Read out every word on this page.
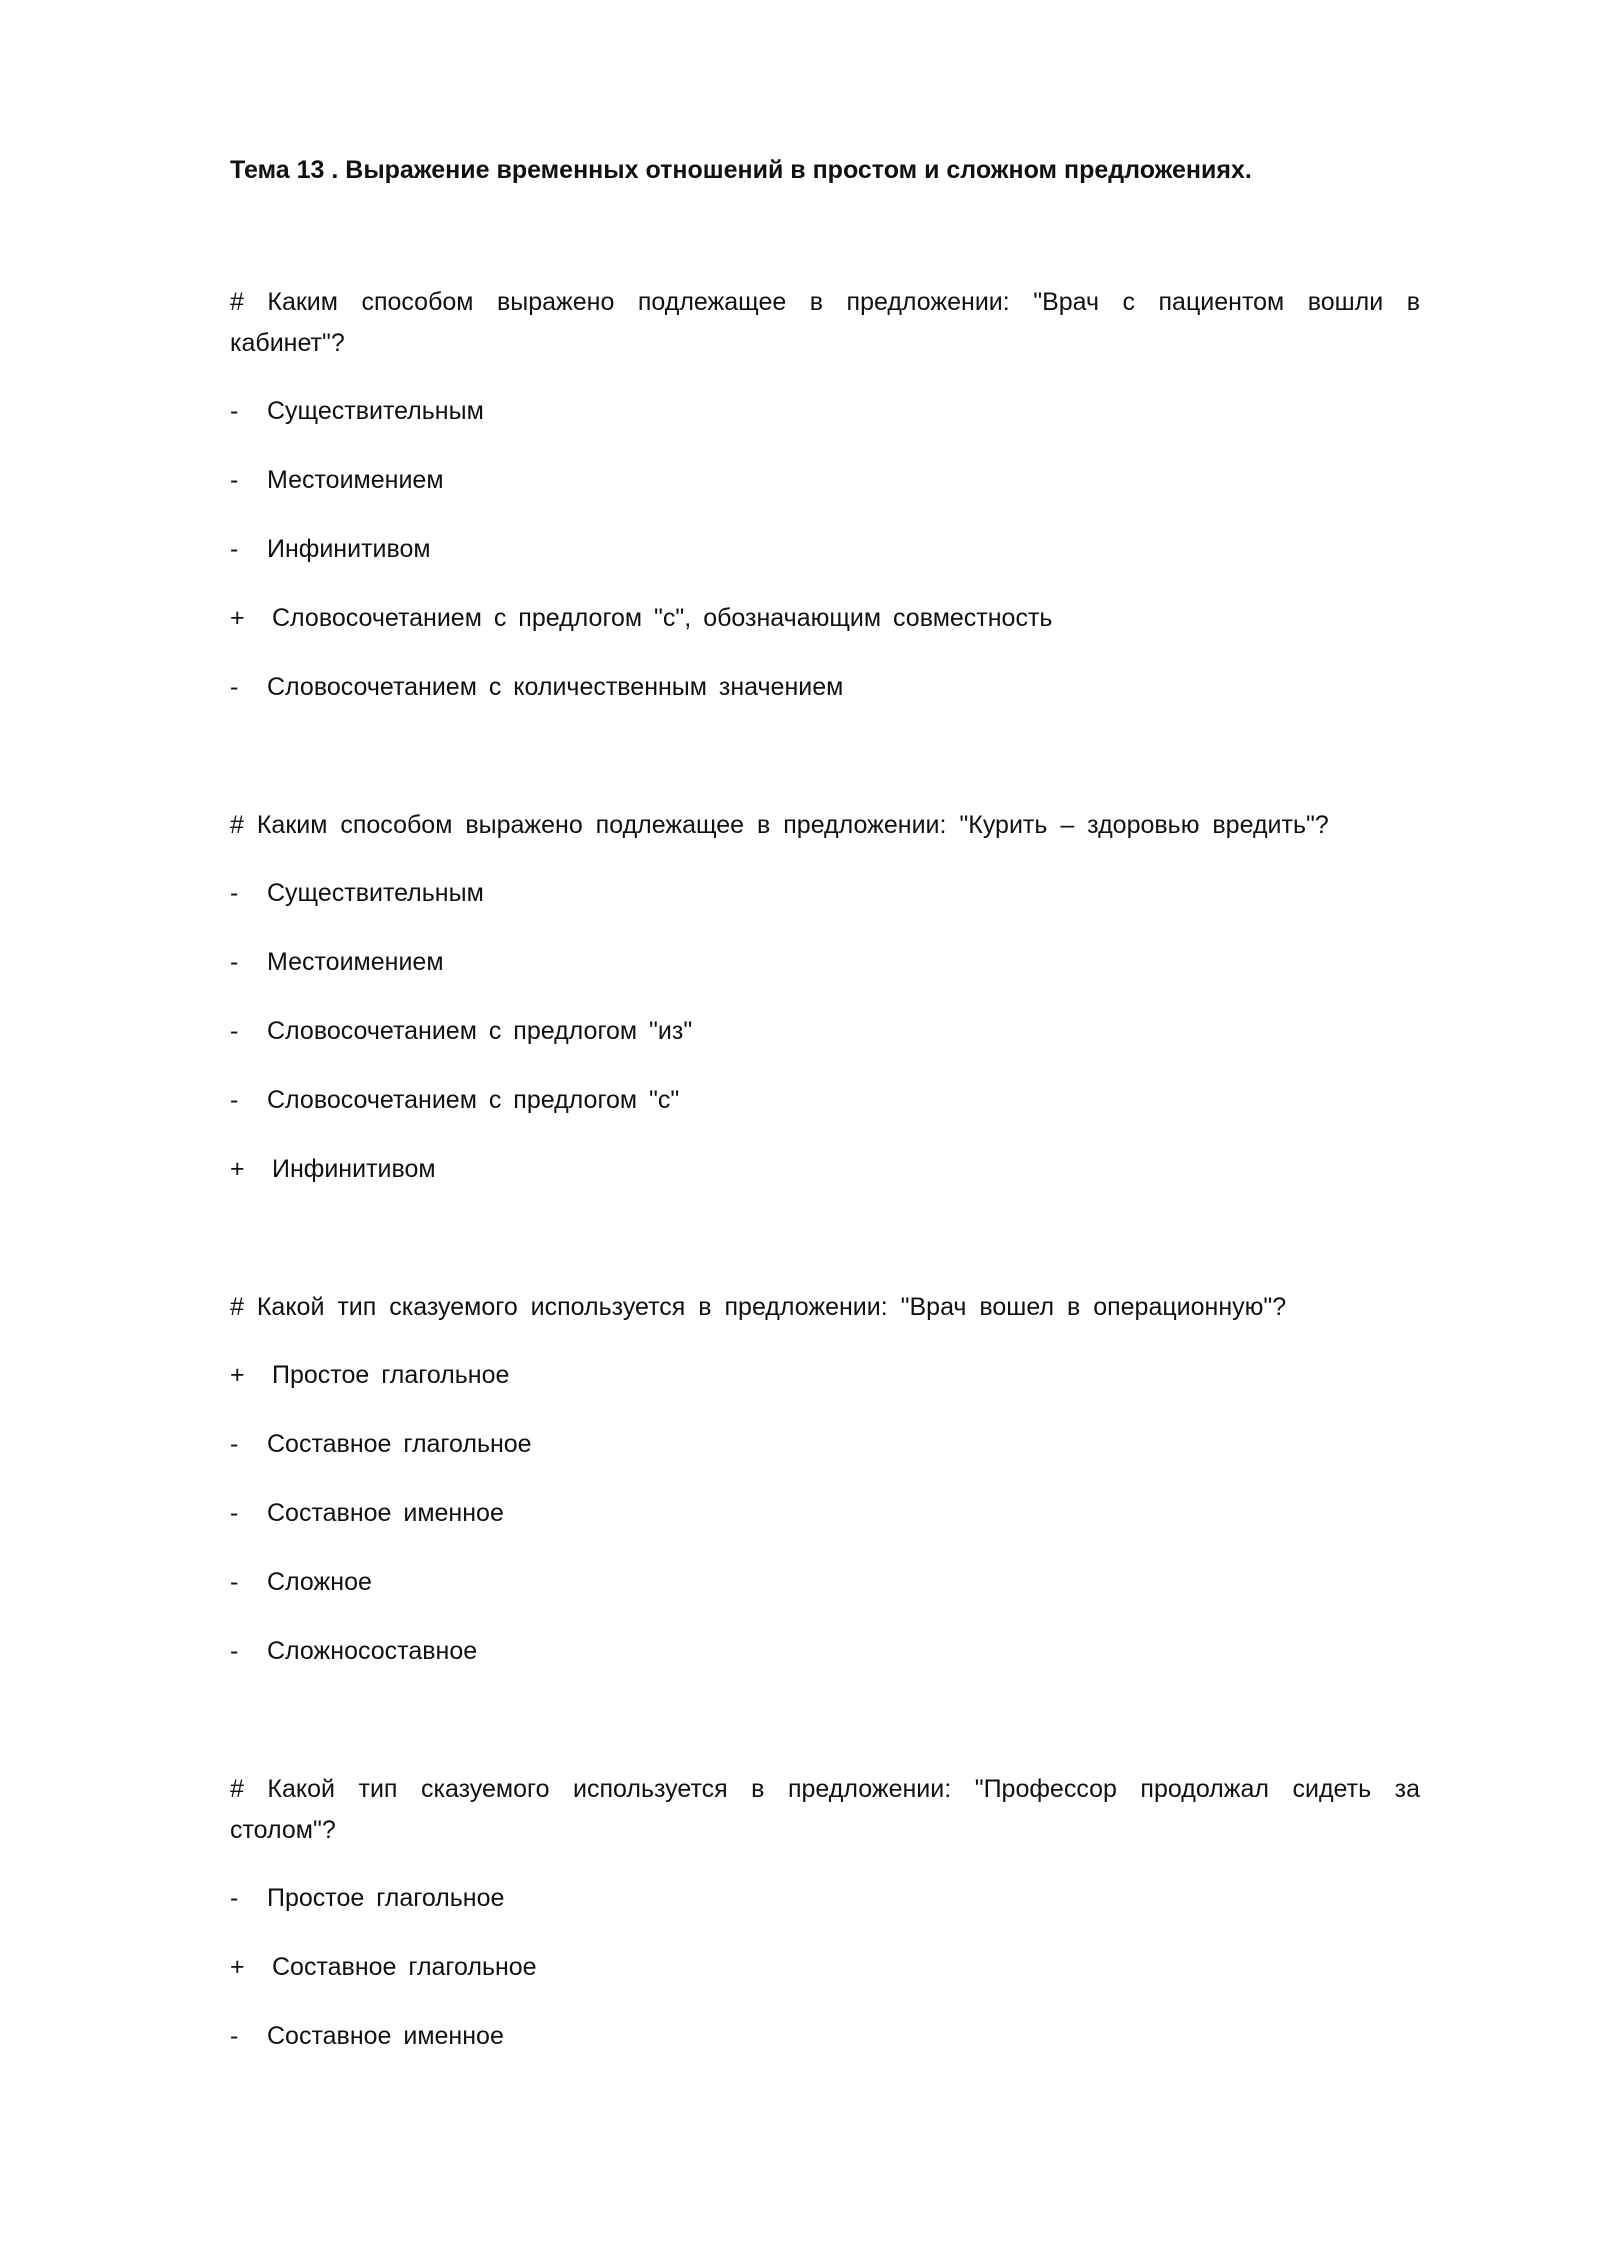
Тема 13 . Выражение временных отношений в простом и сложном предложениях.
# Каким способом выражено подлежащее в предложении: "Врач с пациентом вошли в кабинет"?
-	Существительным
-	Местоимением
-	Инфинитивом
+	Словосочетанием с предлогом "с", обозначающим совместность
-	Словосочетанием с количественным значением
# Каким способом выражено подлежащее в предложении: "Курить – здоровью вредить"?
-	Существительным
-	Местоимением
-	Словосочетанием с предлогом "из"
-	Словосочетанием с предлогом "с"
+	Инфинитивом
# Какой тип сказуемого используется в предложении: "Врач вошел в операционную"?
+	Простое глагольное
-	Составное глагольное
-	Составное именное
-	Сложное
-	Сложносоставное
# Какой тип сказуемого используется в предложении: "Профессор продолжал сидеть за столом"?
-	Простое глагольное
+	Составное глагольное
-	Составное именное
